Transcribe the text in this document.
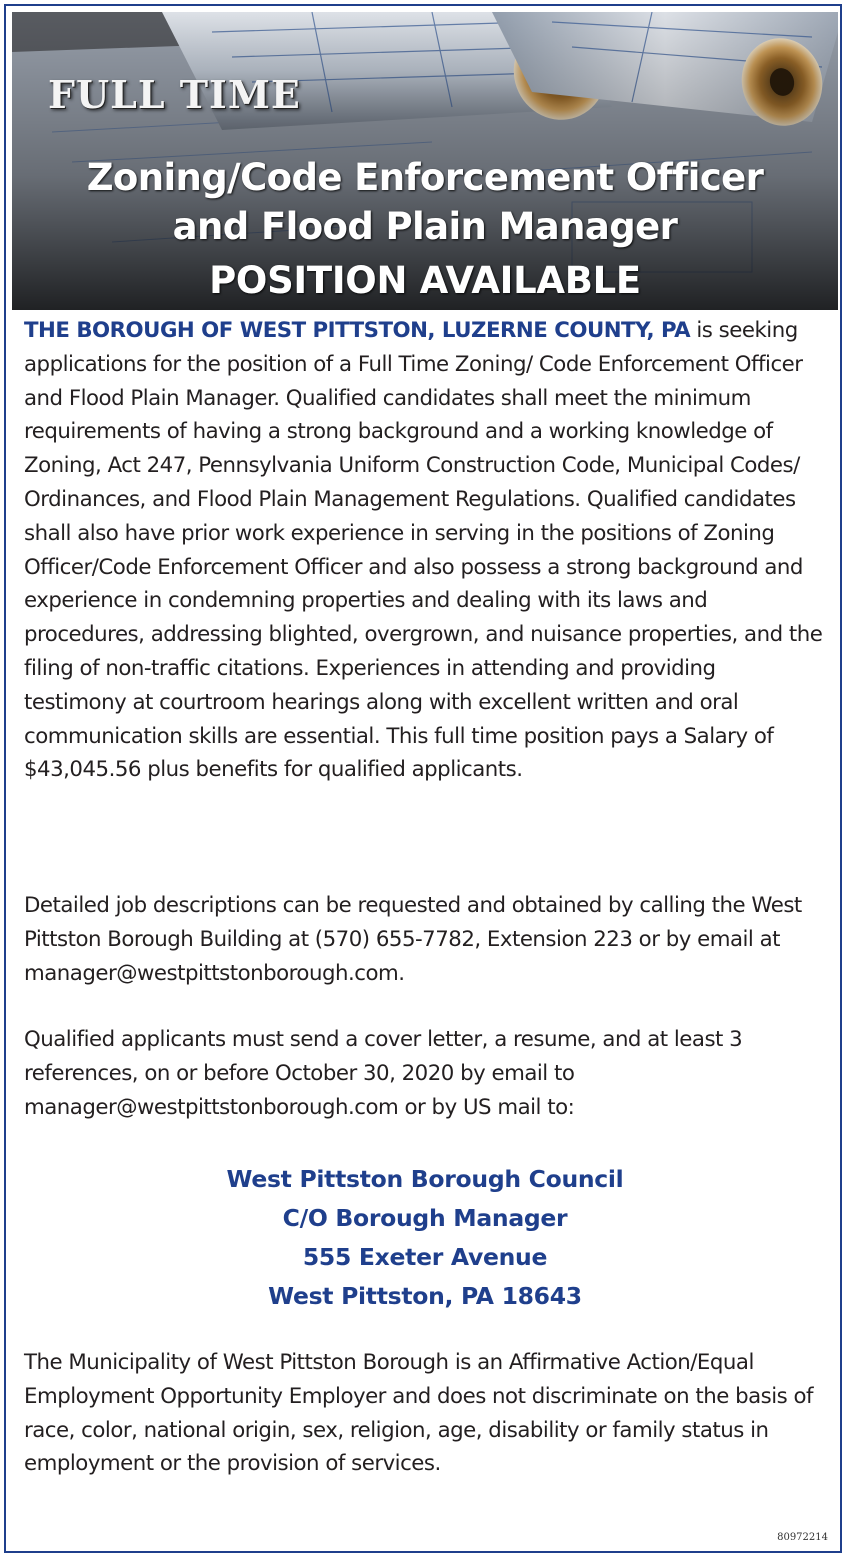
FULL TIME
Zoning/Code Enforcement Officer
and Flood Plain Manager
POSITION AVAILABLE

THE BOROUGH OF WEST PITTSTON, LUZERNE COUNTY, PA is seeking applications for the position of a Full Time Zoning/ Code Enforcement Officer and Flood Plain Manager. Qualified candidates shall meet the minimum requirements of having a strong background and a working knowledge of Zoning, Act 247, Pennsylvania Uniform Construction Code, Municipal Codes/ Ordinances, and Flood Plain Management Regulations. Qualified candidates shall also have prior work experience in serving in the positions of Zoning Officer/Code Enforcement Officer and also possess a strong background and experience in condemning properties and dealing with its laws and procedures, addressing blighted, overgrown, and nuisance properties, and the filing of non-traffic citations. Experiences in attending and providing testimony at courtroom hearings along with excellent written and oral communication skills are essential. This full time position pays a Salary of $43,045.56 plus benefits for qualified applicants.

Detailed job descriptions can be requested and obtained by calling the West Pittston Borough Building at (570) 655-7782, Extension 223 or by email at manager@westpittstonborough.com.

Qualified applicants must send a cover letter, a resume, and at least 3 references, on or before October 30, 2020 by email to manager@westpittstonborough.com or by US mail to:

West Pittston Borough Council
C/O Borough Manager
555 Exeter Avenue
West Pittston, PA 18643

The Municipality of West Pittston Borough is an Affirmative Action/Equal Employment Opportunity Employer and does not discriminate on the basis of race, color, national origin, sex, religion, age, disability or family status in employment or the provision of services.

80972214
